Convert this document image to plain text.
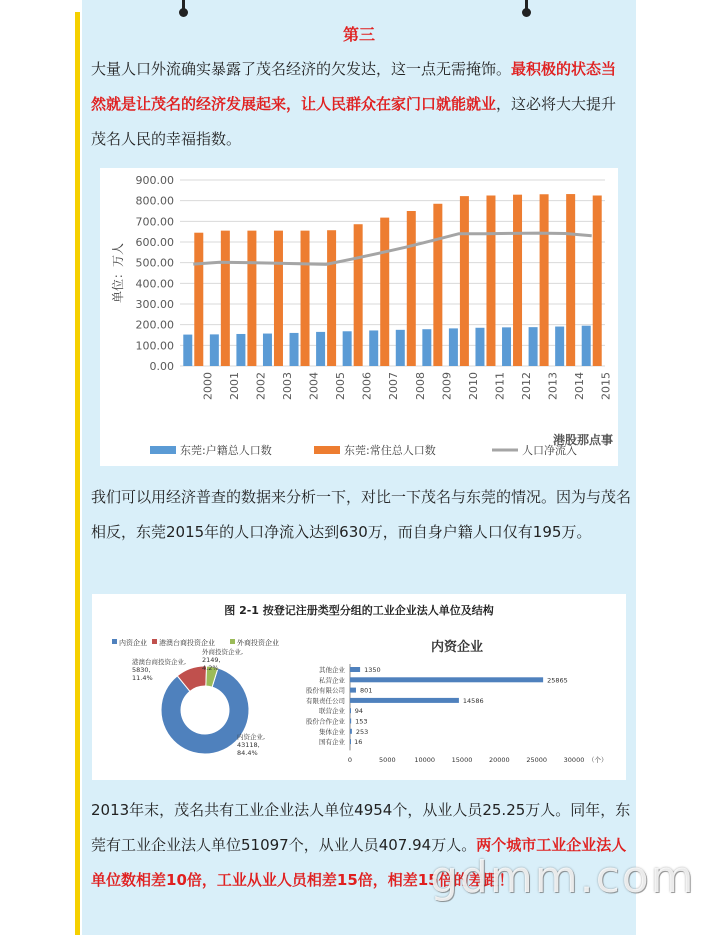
第三

大量人口外流确实暴露了茂名经济的欠发达，这一点无需掩饰。最积极的状态当然就是让茂名的经济发展起来，让人民群众在家门口就能就业，这必将大大提升茂名人民的幸福指数。

0.00
100.00
200.00
300.00
400.00
500.00
600.00
700.00
800.00
900.00
单位：万人
2000 2001 2002 2003 2004 2005 2006 2007 2008 2009 2010 2011 2012 2013 2014 2015
东莞:户籍总人口数	东莞:常住总人口数	人口净流入
港股那点事

我们可以用经济普查的数据来分析一下，对比一下茂名与东莞的情况。因为与茂名相反，东莞2015年的人口净流入达到630万，而自身户籍人口仅有195万。

图 2-1 按登记注册类型分组的工业企业法人单位及结构
内资企业 港澳台商投资企业	外商投资企业
内资企业,
43118,
84.4%
港澳台商投资企业,
5830,
11.4%
外商投资企业,
2149,
4.2%
内资企业
其他企业	1350
私营企业	25865
股份有限公司 801
有限责任公司	14586
联营企业 94
股份合作企业 153
集体企业 253
国有企业 16
0	5000	10000	15000	20000	25000	30000 （个）

2013年末，茂名共有工业企业法人单位4954个，从业人员25.25万人。同年，东莞有工业企业法人单位51097个，从业人员407.94万人。两个城市工业企业法人单位数相差10倍，工业从业人员相差15倍，相差15倍的差距！

gdmm.com
